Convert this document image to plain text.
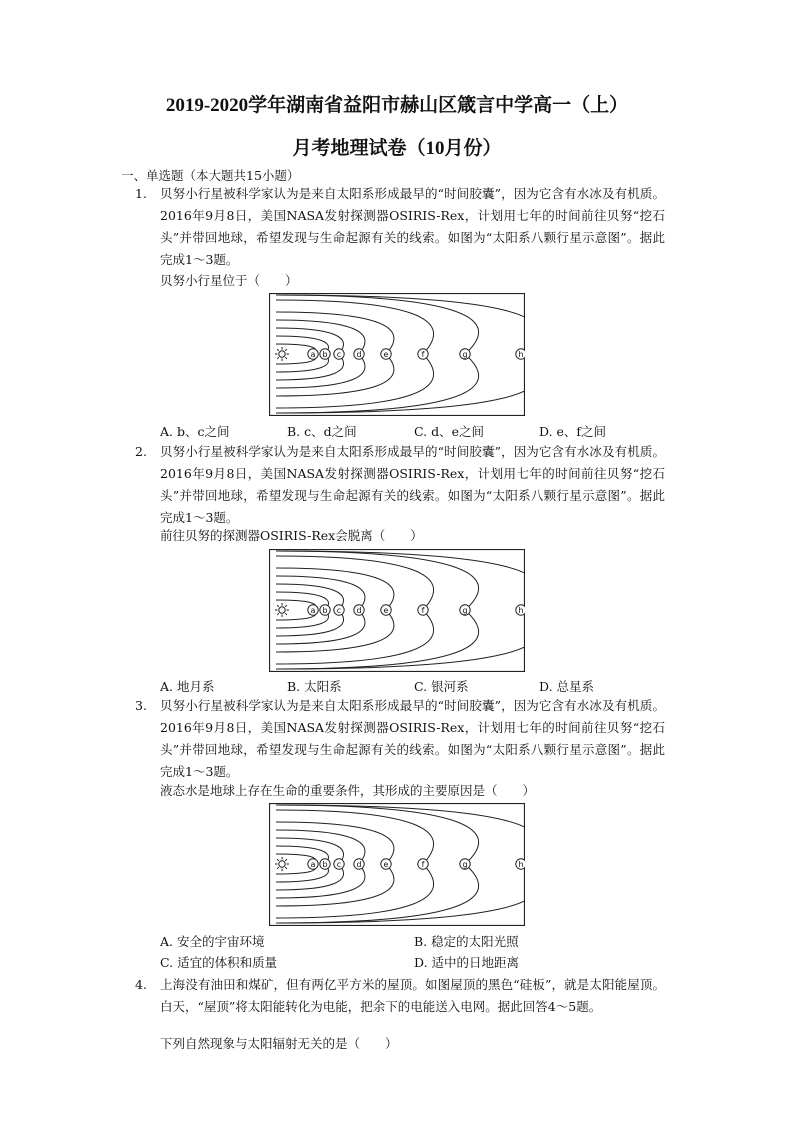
2019-2020学年湖南省益阳市赫山区箴言中学高一（上）
月考地理试卷（10月份）
一、单选题（本大题共15小题）
1. 贝努小行星被科学家认为是来自太阳系形成最早的“时间胶囊”，因为它含有水冰及有机质。2016年9月8日，美国NASA发射探测器OSIRIS-Rex，计划用七年的时间前往贝努“挖石头”并带回地球，希望发现与生命起源有关的线索。如图为“太阳系八颗行星示意图”。据此完成1～3题。
贝努小行星位于（　　）
a b c d	e	f	g	h
A. b、c之间	B. c、d之间	C. d、e之间	D. e、f之间
2. 贝努小行星被科学家认为是来自太阳系形成最早的“时间胶囊”，因为它含有水冰及有机质。2016年9月8日，美国NASA发射探测器OSIRIS-Rex，计划用七年的时间前往贝努“挖石头”并带回地球，希望发现与生命起源有关的线索。如图为“太阳系八颗行星示意图”。据此完成1～3题。
前往贝努的探测器OSIRIS-Rex会脱离（　　）
a b c d	e	f	g	h
A. 地月系	B. 太阳系	C. 银河系	D. 总星系
3. 贝努小行星被科学家认为是来自太阳系形成最早的“时间胶囊”，因为它含有水冰及有机质。2016年9月8日，美国NASA发射探测器OSIRIS-Rex，计划用七年的时间前往贝努“挖石头”并带回地球，希望发现与生命起源有关的线索。如图为“太阳系八颗行星示意图”。据此完成1～3题。
液态水是地球上存在生命的重要条件，其形成的主要原因是（　　）
a b c d	e	f	g	h
A. 安全的宇宙环境	B. 稳定的太阳光照
C. 适宜的体积和质量	D. 适中的日地距离
4. 上海没有油田和煤矿，但有两亿平方米的屋顶。如图屋顶的黑色“硅板”，就是太阳能屋顶。白天，“屋顶”将太阳能转化为电能，把余下的电能送入电网。据此回答4～5题。
下列自然现象与太阳辐射无关的是（　　）
